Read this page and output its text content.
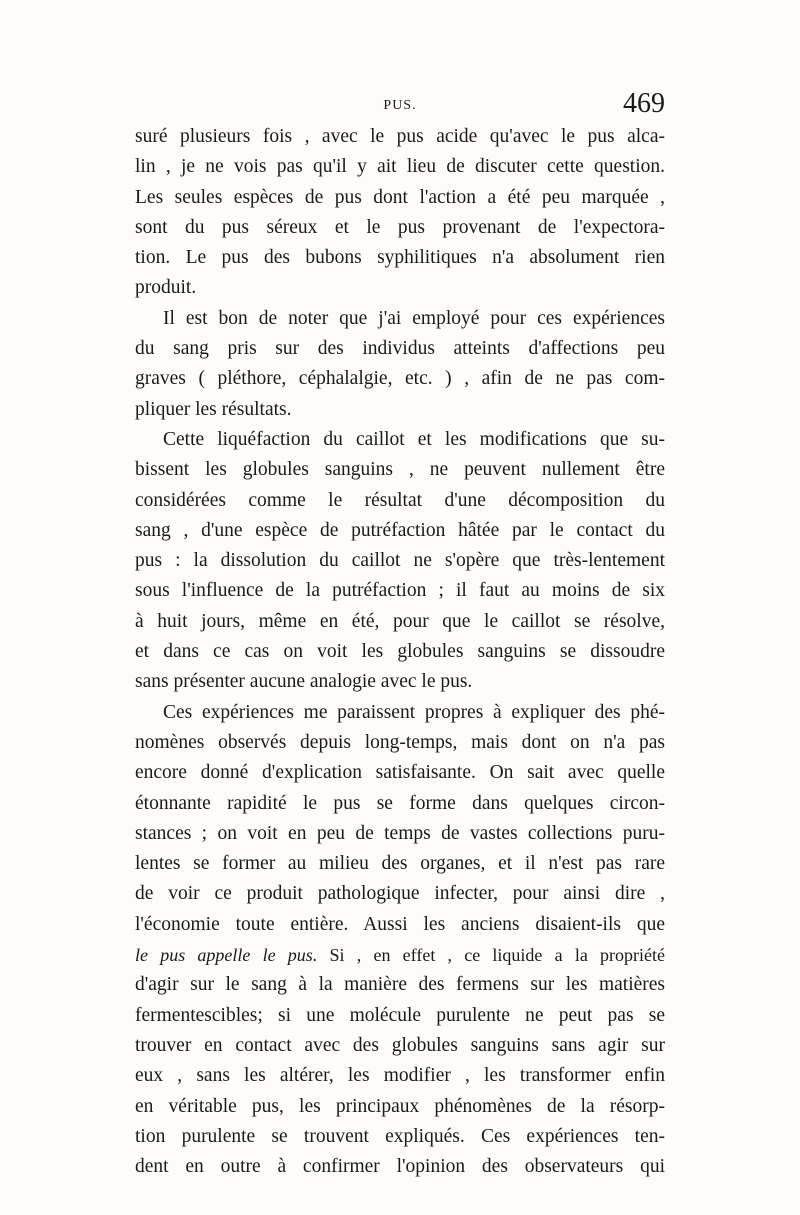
PUS.	469
suré plusieurs fois , avec le pus acide qu'avec le pus alca-
lin , je ne vois pas qu'il y ait lieu de discuter cette question.
Les seules espèces de pus dont l'action a été peu marquée ,
sont du pus séreux et le pus provenant de l'expectora-
tion. Le pus des bubons syphilitiques n'a absolument rien
produit.
Il est bon de noter que j'ai employé pour ces expériences
du sang pris sur des individus atteints d'affections peu
graves ( pléthore, céphalalgie, etc. ) , afin de ne pas com-
pliquer les résultats.
Cette liquéfaction du caillot et les modifications que su-
bissent les globules sanguins , ne peuvent nullement être
considérées comme le résultat d'une décomposition du
sang , d'une espèce de putréfaction hâtée par le contact du
pus : la dissolution du caillot ne s'opère que très-lentement
sous l'influence de la putréfaction ; il faut au moins de six
à huit jours, même en été, pour que le caillot se résolve,
et dans ce cas on voit les globules sanguins se dissoudre
sans présenter aucune analogie avec le pus.
Ces expériences me paraissent propres à expliquer des phé-
nomènes observés depuis long-temps, mais dont on n'a pas
encore donné d'explication satisfaisante. On sait avec quelle
étonnante rapidité le pus se forme dans quelques circon-
stances ; on voit en peu de temps de vastes collections puru-
lentes se former au milieu des organes, et il n'est pas rare
de voir ce produit pathologique infecter, pour ainsi dire ,
l'économie toute entière. Aussi les anciens disaient-ils que
le pus appelle le pus. Si , en effet , ce liquide a la propriété
d'agir sur le sang à la manière des fermens sur les matières
fermentescibles; si une molécule purulente ne peut pas se
trouver en contact avec des globules sanguins sans agir sur
eux , sans les altérer, les modifier , les transformer enfin
en véritable pus, les principaux phénomènes de la résorp-
tion purulente se trouvent expliqués. Ces expériences ten-
dent en outre à confirmer l'opinion des observateurs qui
